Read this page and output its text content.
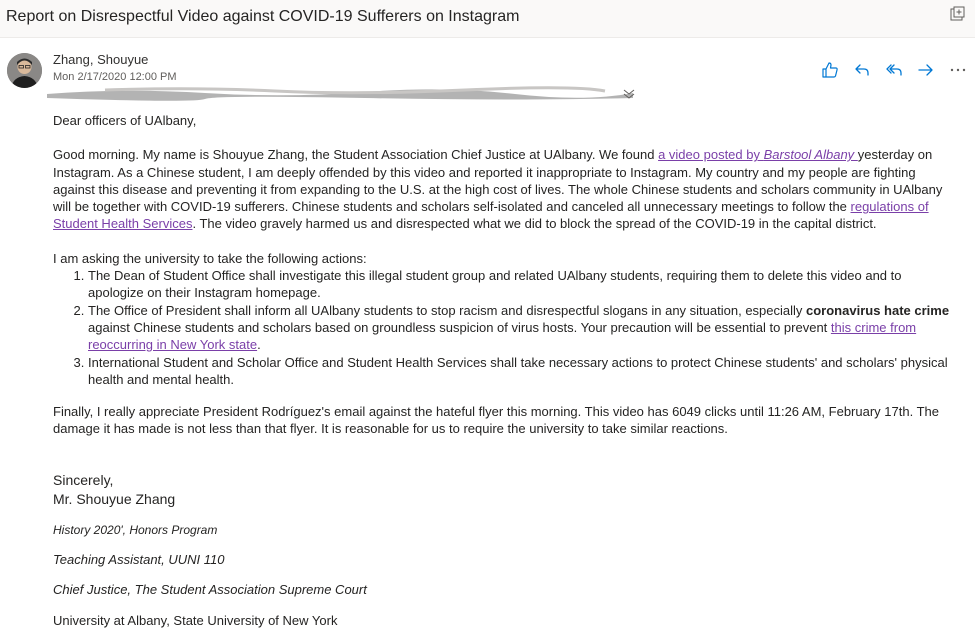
Report on Disrespectful Video against COVID-19 Sufferers on Instagram
Zhang, Shouyue
Mon 2/17/2020 12:00 PM

Dear officers of UAlbany,

Good morning. My name is Shouyue Zhang, the Student Association Chief Justice at UAlbany. We found a video posted by Barstool Albany yesterday on Instagram. As a Chinese student, I am deeply offended by this video and reported it inappropriate to Instagram. My country and my people are fighting against this disease and preventing it from expanding to the U.S. at the high cost of lives. The whole Chinese students and scholars community in UAlbany will be together with COVID-19 sufferers. Chinese students and scholars self-isolated and canceled all unnecessary meetings to follow the regulations of Student Health Services. The video gravely harmed us and disrespected what we did to block the spread of the COVID-19 in the capital district.

I am asking the university to take the following actions:

1. The Dean of Student Office shall investigate this illegal student group and related UAlbany students, requiring them to delete this video and to apologize on their Instagram homepage.
2. The Office of President shall inform all UAlbany students to stop racism and disrespectful slogans in any situation, especially coronavirus hate crime against Chinese students and scholars based on groundless suspicion of virus hosts. Your precaution will be essential to prevent this crime from reoccurring in New York state.
3. International Student and Scholar Office and Student Health Services shall take necessary actions to protect Chinese students' and scholars' physical health and mental health.

Finally, I really appreciate President Rodríguez's email against the hateful flyer this morning. This video has 6049 clicks until 11:26 AM, February 17th. The damage it has made is not less than that flyer. It is reasonable for us to require the university to take similar reactions.

Sincerely,
Mr. Shouyue Zhang
History 2020', Honors Program
Teaching Assistant, UUNI 110
Chief Justice, The Student Association Supreme Court
University at Albany, State University of New York
